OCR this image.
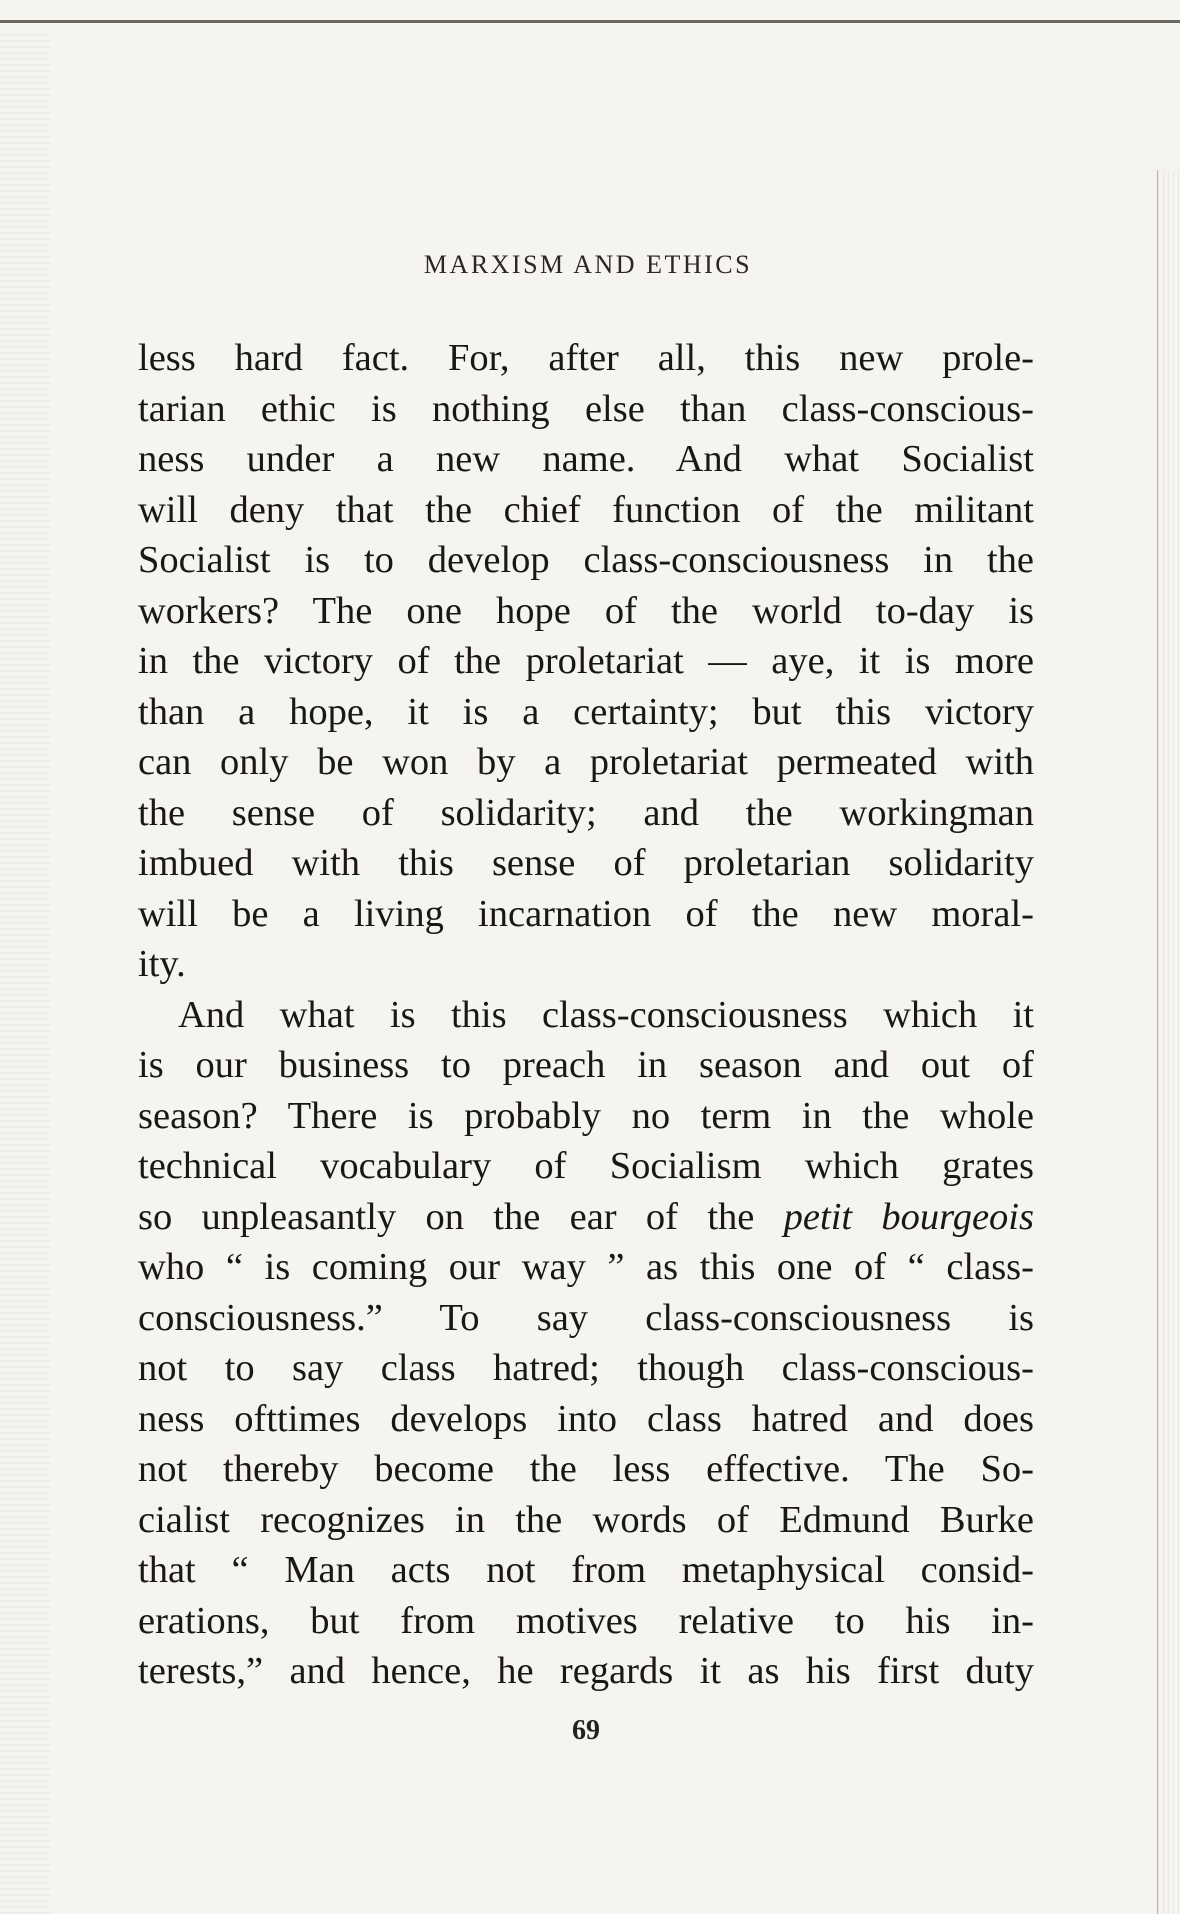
MARXISM AND ETHICS
less hard fact. For, after all, this new prole-
tarian ethic is nothing else than class-conscious-
ness under a new name. And what Socialist
will deny that the chief function of the militant
Socialist is to develop class-consciousness in the
workers? The one hope of the world to-day is
in the victory of the proletariat — aye, it is more
than a hope, it is a certainty; but this victory
can only be won by a proletariat permeated with
the sense of solidarity; and the workingman
imbued with this sense of proletarian solidarity
will be a living incarnation of the new moral-
ity.
And what is this class-consciousness which it
is our business to preach in season and out of
season? There is probably no term in the whole
technical vocabulary of Socialism which grates
so unpleasantly on the ear of the petit bourgeois
who “ is coming our way ” as this one of “ class-
consciousness.” To say class-consciousness is
not to say class hatred; though class-conscious-
ness ofttimes develops into class hatred and does
not thereby become the less effective. The So-
cialist recognizes in the words of Edmund Burke
that “ Man acts not from metaphysical consid-
erations, but from motives relative to his in-
terests,” and hence, he regards it as his first duty
69
